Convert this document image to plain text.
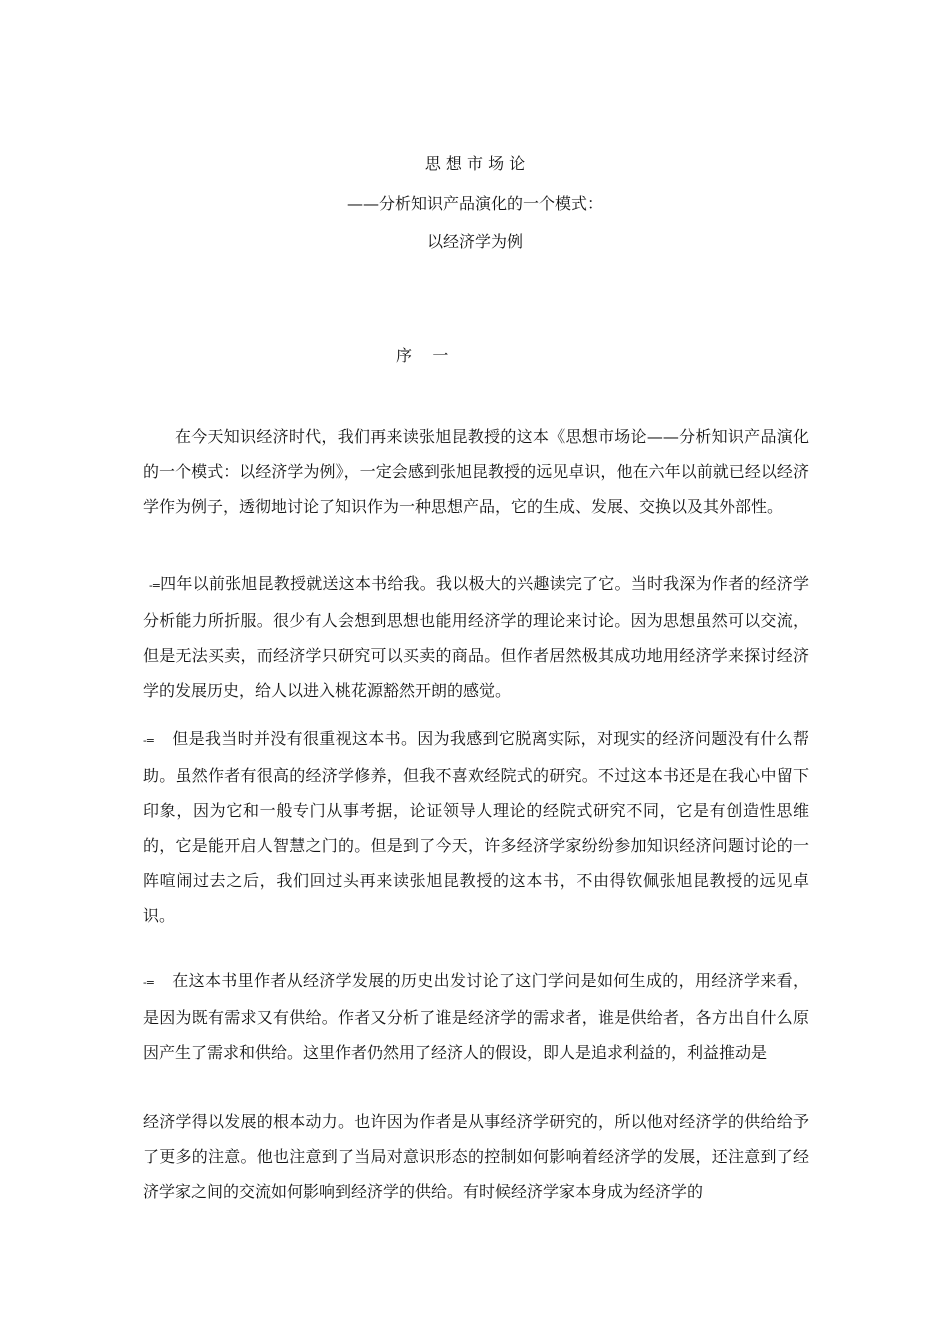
思 想 市 场 论
——分析知识产品演化的一个模式：
以经济学为例
序    一

在今天知识经济时代，我们再来读张旭昆教授的这本《思想市场论——分析知识产品演化的一个模式：以经济学为例》，一定会感到张旭昆教授的远见卓识，他在六年以前就已经以经济学作为例子，透彻地讨论了知识作为一种思想产品，它的生成、发展、交换以及其外部性。

-=四年以前张旭昆教授就送这本书给我。我以极大的兴趣读完了它。当时我深为作者的经济学分析能力所折服。很少有人会想到思想也能用经济学的理论来讨论。因为思想虽然可以交流，但是无法买卖，而经济学只研究可以买卖的商品。但作者居然极其成功地用经济学来探讨经济学的发展历史，给人以进入桃花源豁然开朗的感觉。

-= 但是我当时并没有很重视这本书。因为我感到它脱离实际，对现实的经济问题没有什么帮助。虽然作者有很高的经济学修养，但我不喜欢经院式的研究。不过这本书还是在我心中留下印象，因为它和一般专门从事考据，论证领导人理论的经院式研究不同，它是有创造性思维的，它是能开启人智慧之门的。但是到了今天，许多经济学家纷纷参加知识经济问题讨论的一阵喧闹过去之后，我们回过头再来读张旭昆教授的这本书，不由得钦佩张旭昆教授的远见卓识。

-= 在这本书里作者从经济学发展的历史出发讨论了这门学问是如何生成的，用经济学来看，是因为既有需求又有供给。作者又分析了谁是经济学的需求者，谁是供给者，各方出自什么原因产生了需求和供给。这里作者仍然用了经济人的假设，即人是追求利益的，利益推动是

经济学得以发展的根本动力。也许因为作者是从事经济学研究的，所以他对经济学的供给给予了更多的注意。他也注意到了当局对意识形态的控制如何影响着经济学的发展，还注意到了经济学家之间的交流如何影响到经济学的供给。有时候经济学家本身成为经济学的
